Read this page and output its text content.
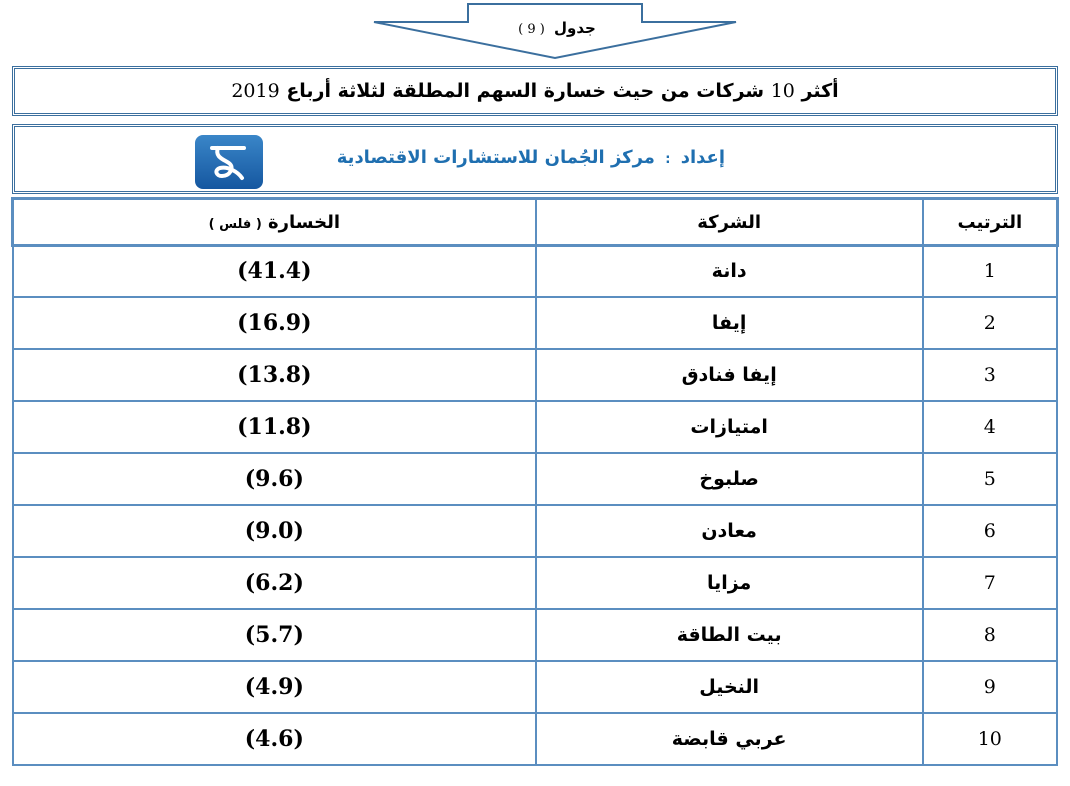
جدول ( 9 )
أكثر 10 شركات من حيث خسارة السهم المطلقة لثلاثة أرباع 2019
إعداد : مركز الجُمان للاستشارات الاقتصادية
الخسارة ( فلس )	الشركة	الترتيب
(41.4)	دانة	1
(16.9)	إيفا	2
(13.8)	إيفا فنادق	3
(11.8)	امتيازات	4
(9.6)	صلبوخ	5
(9.0)	معادن	6
(6.2)	مزايا	7
(5.7)	بيت الطاقة	8
(4.9)	النخيل	9
(4.6)	عربي قابضة	10
